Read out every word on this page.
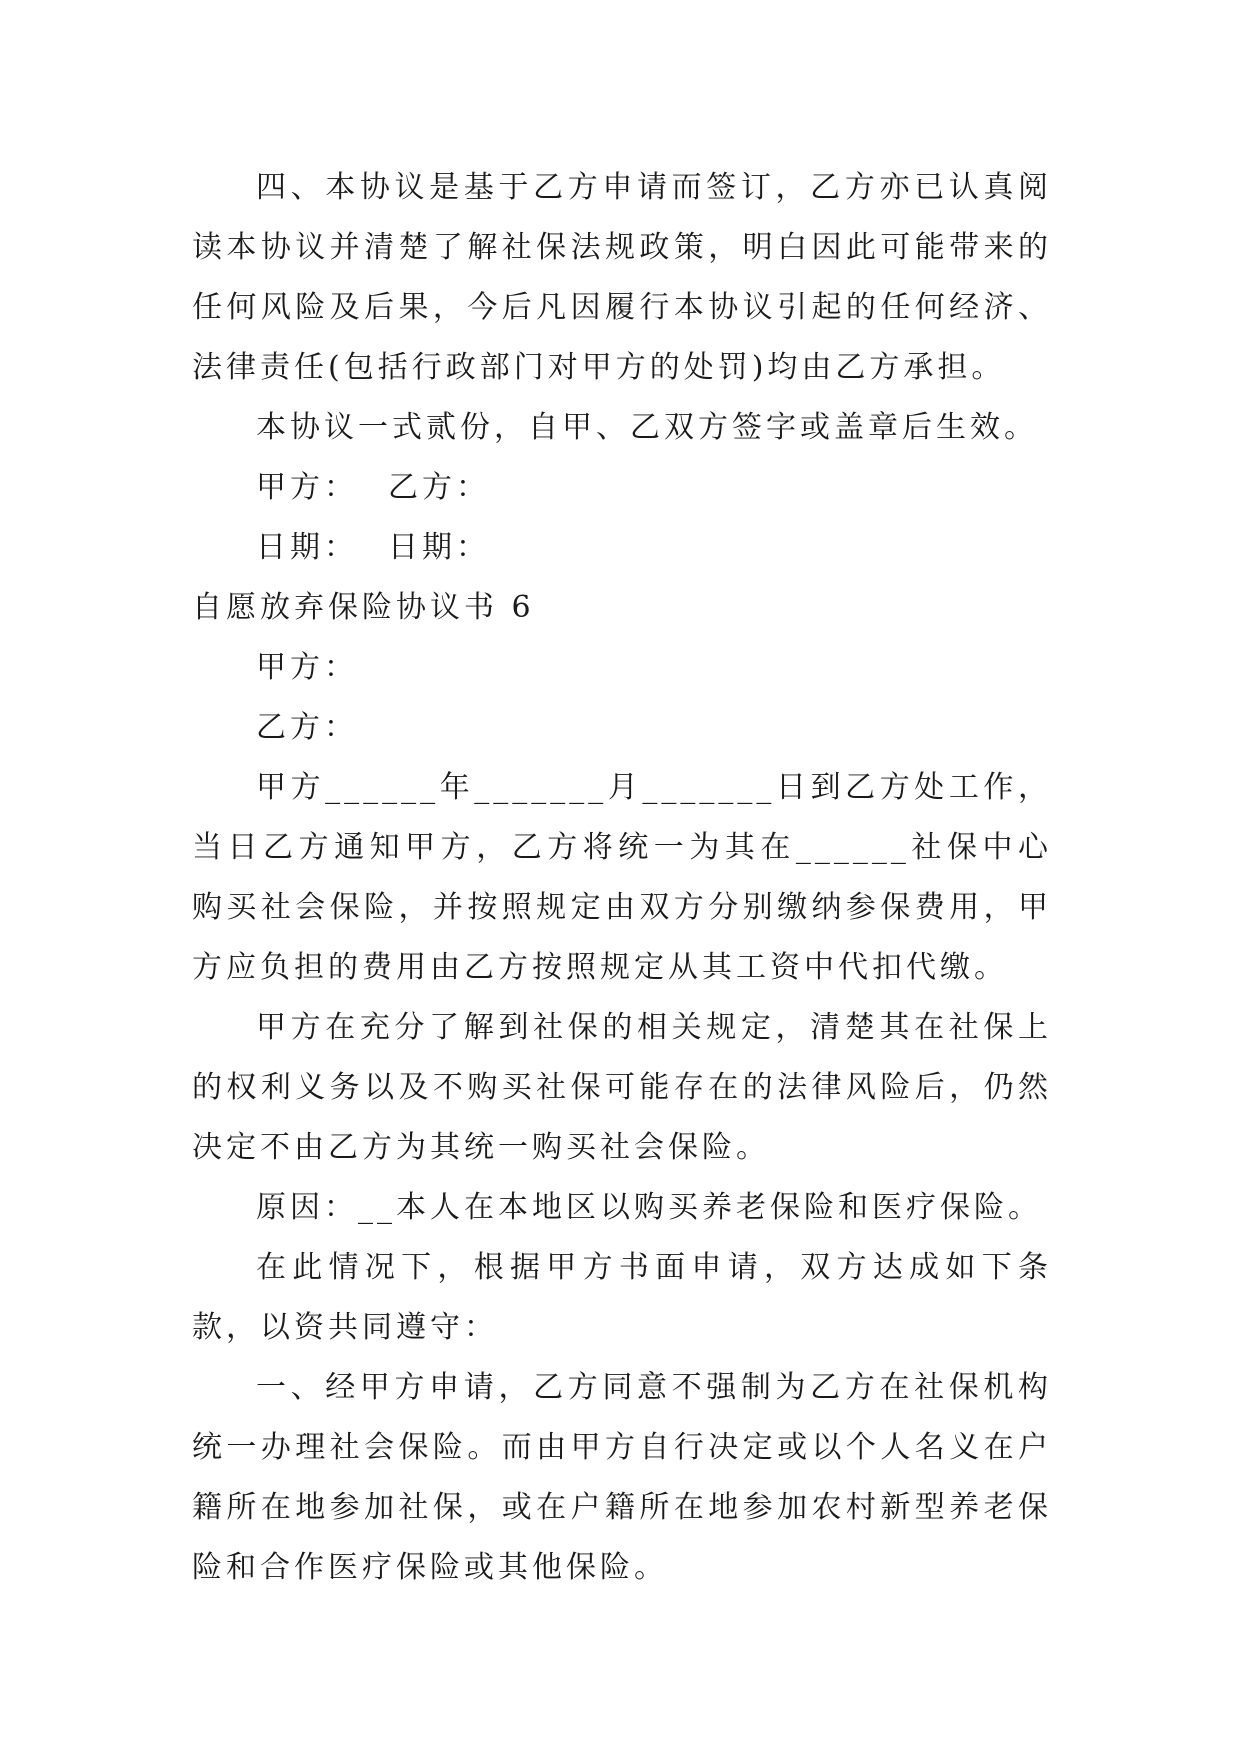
四、本协议是基于乙方申请而签订，乙方亦已认真阅读本协议并清楚了解社保法规政策，明白因此可能带来的任何风险及后果，今后凡因履行本协议引起的任何经济、法律责任(包括行政部门对甲方的处罚)均由乙方承担。

本协议一式贰份，自甲、乙双方签字或盖章后生效。

甲方： 乙方：

日期： 日期：

自愿放弃保险协议书 6

甲方：

乙方：

甲方______年_______月_______日到乙方处工作，当日乙方通知甲方，乙方将统一为其在______社保中心购买社会保险，并按照规定由双方分别缴纳参保费用，甲方应负担的费用由乙方按照规定从其工资中代扣代缴。

甲方在充分了解到社保的相关规定，清楚其在社保上的权利义务以及不购买社保可能存在的法律风险后，仍然决定不由乙方为其统一购买社会保险。

原因：__本人在本地区以购买养老保险和医疗保险。

在此情况下，根据甲方书面申请，双方达成如下条款，以资共同遵守：

一、经甲方申请，乙方同意不强制为乙方在社保机构统一办理社会保险。而由甲方自行决定或以个人名义在户籍所在地参加社保，或在户籍所在地参加农村新型养老保险和合作医疗保险或其他保险。
